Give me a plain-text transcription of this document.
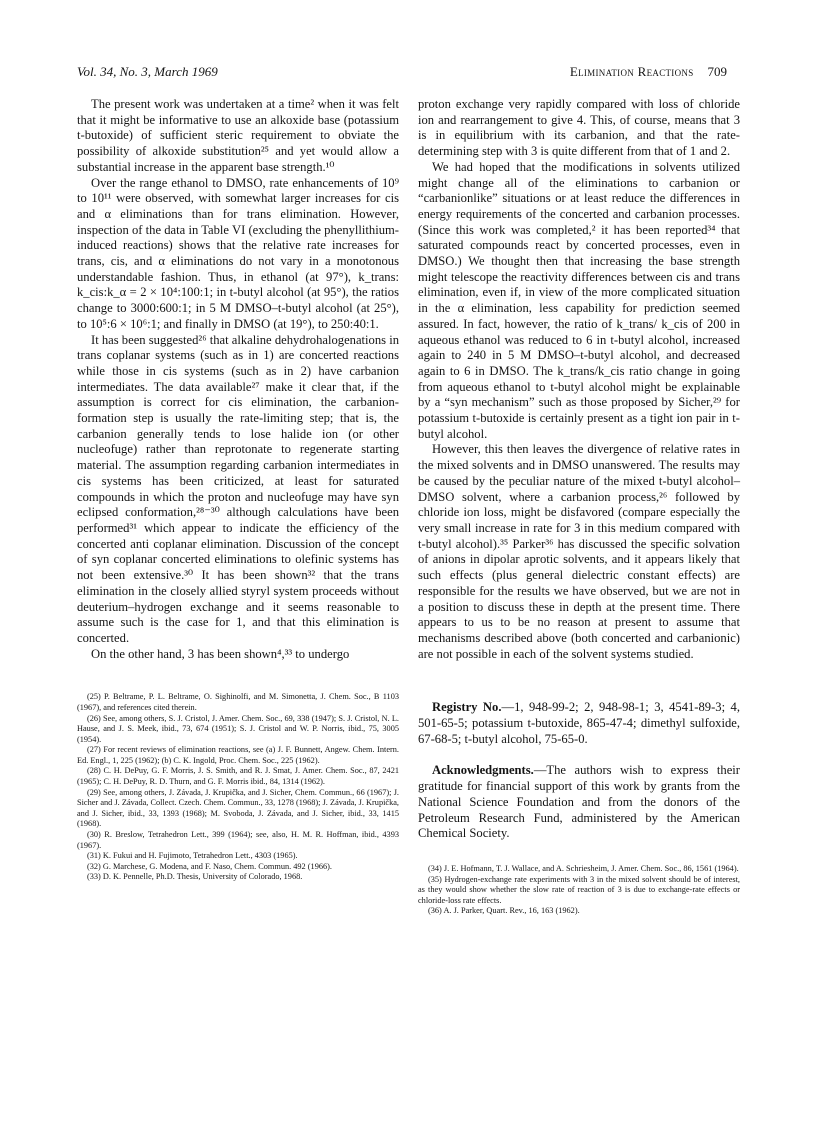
Vol. 34, No. 3, March 1969	Elimination Reactions 709

The present work was undertaken at a time² when it was felt that it might be informative to use an alkoxide base (potassium t-butoxide) of sufficient steric requirement to obviate the possibility of alkoxide substitution²⁵ and yet would allow a substantial increase in the apparent base strength.¹⁰

Over the range ethanol to DMSO, rate enhancements of 10⁹ to 10¹¹ were observed, with somewhat larger increases for cis and α eliminations than for trans elimination. However, inspection of the data in Table VI (excluding the phenyllithium-induced reactions) shows that the relative rate increases for trans, cis, and α eliminations do not vary in a monotonous understandable fashion. Thus, in ethanol (at 97°), k_trans: k_cis:k_α = 2 × 10⁴:100:1; in t-butyl alcohol (at 95°), the ratios change to 3000:600:1; in 5 M DMSO–t-butyl alcohol (at 25°), to 10⁵:6 × 10⁶:1; and finally in DMSO (at 19°), to 250:40:1.

It has been suggested²⁶ that alkaline dehydrohalogenations in trans coplanar systems (such as in 1) are concerted reactions while those in cis systems (such as in 2) have carbanion intermediates. The data available²⁷ make it clear that, if the assumption is correct for cis elimination, the carbanion-formation step is usually the rate-limiting step; that is, the carbanion generally tends to lose halide ion (or other nucleofuge) rather than reprotonate to regenerate starting material. The assumption regarding carbanion intermediates in cis systems has been criticized, at least for saturated compounds in which the proton and nucleofuge may have syn eclipsed conformation,²⁸⁻³⁰ although calculations have been performed³¹ which appear to indicate the efficiency of the concerted anti coplanar elimination. Discussion of the concept of syn coplanar concerted eliminations to olefinic systems has not been extensive.³⁰ It has been shown³² that the trans elimination in the closely allied styryl system proceeds without deuterium–hydrogen exchange and it seems reasonable to assume such is the case for 1, and that this elimination is concerted.

On the other hand, 3 has been shown⁴,³³ to undergo

(25) P. Beltrame, P. L. Beltrame, O. Sighinolfi, and M. Simonetta, J. Chem. Soc., B 1103 (1967), and references cited therein.

(26) See, among others, S. J. Cristol, J. Amer. Chem. Soc., 69, 338 (1947); S. J. Cristol, N. L. Hause, and J. S. Meek, ibid., 73, 674 (1951); S. J. Cristol and W. P. Norris, ibid., 75, 3005 (1954).

(27) For recent reviews of elimination reactions, see (a) J. F. Bunnett, Angew. Chem. Intern. Ed. Engl., 1, 225 (1962); (b) C. K. Ingold, Proc. Chem. Soc., 225 (1962).

(28) C. H. DePuy, G. F. Morris, J. S. Smith, and R. J. Smat, J. Amer. Chem. Soc., 87, 2421 (1965); C. H. DePuy, R. D. Thurn, and G. F. Morris ibid., 84, 1314 (1962).

(29) See, among others, J. Závada, J. Krupička, and J. Sicher, Chem. Commun., 66 (1967); J. Sicher and J. Závada, Collect. Czech. Chem. Commun., 33, 1278 (1968); J. Závada, J. Krupička, and J. Sicher, ibid., 33, 1393 (1968); M. Svoboda, J. Závada, and J. Sicher, ibid., 33, 1415 (1968).

(30) R. Breslow, Tetrahedron Lett., 399 (1964); see, also, H. M. R. Hoffman, ibid., 4393 (1967).

(31) K. Fukui and H. Fujimoto, Tetrahedron Lett., 4303 (1965).

(32) G. Marchese, G. Modena, and F. Naso, Chem. Commun. 492 (1966).

(33) D. K. Pennelle, Ph.D. Thesis, University of Colorado, 1968.

proton exchange very rapidly compared with loss of chloride ion and rearrangement to give 4. This, of course, means that 3 is in equilibrium with its carbanion, and that the rate-determining step with 3 is quite different from that of 1 and 2.

We had hoped that the modifications in solvents utilized might change all of the eliminations to carbanion or “carbanionlike” situations or at least reduce the differences in energy requirements of the concerted and carbanion processes. (Since this work was completed,² it has been reported³⁴ that saturated compounds react by concerted processes, even in DMSO.) We thought then that increasing the base strength might telescope the reactivity differences between cis and trans elimination, even if, in view of the more complicated situation in the α elimination, less capability for prediction seemed assured. In fact, however, the ratio of k_trans/ k_cis of 200 in aqueous ethanol was reduced to 6 in t-butyl alcohol, increased again to 240 in 5 M DMSO–t-butyl alcohol, and decreased again to 6 in DMSO. The k_trans/k_cis ratio change in going from aqueous ethanol to t-butyl alcohol might be explainable by a “syn mechanism” such as those proposed by Sicher,²⁹ for potassium t-butoxide is certainly present as a tight ion pair in t-butyl alcohol.

However, this then leaves the divergence of relative rates in the mixed solvents and in DMSO unanswered. The results may be caused by the peculiar nature of the mixed t-butyl alcohol–DMSO solvent, where a carbanion process,²⁶ followed by chloride ion loss, might be disfavored (compare especially the very small increase in rate for 3 in this medium compared with t-butyl alcohol).³⁵ Parker³⁶ has discussed the specific solvation of anions in dipolar aprotic solvents, and it appears likely that such effects (plus general dielectric constant effects) are responsible for the results we have observed, but we are not in a position to discuss these in depth at the present time. There appears to us to be no reason at present to assume that mechanisms described above (both concerted and carbanionic) are not possible in each of the solvent systems studied.

Registry No.—1, 948-99-2; 2, 948-98-1; 3, 4541-89-3; 4, 501-65-5; potassium t-butoxide, 865-47-4; dimethyl sulfoxide, 67-68-5; t-butyl alcohol, 75-65-0.

Acknowledgments.—The authors wish to express their gratitude for financial support of this work by grants from the National Science Foundation and from the donors of the Petroleum Research Fund, administered by the American Chemical Society.

(34) J. E. Hofmann, T. J. Wallace, and A. Schriesheim, J. Amer. Chem. Soc., 86, 1561 (1964).

(35) Hydrogen-exchange rate experiments with 3 in the mixed solvent should be of interest, as they would show whether the slow rate of reaction of 3 is due to exchange-rate effects or chloride-loss rate effects.

(36) A. J. Parker, Quart. Rev., 16, 163 (1962).
